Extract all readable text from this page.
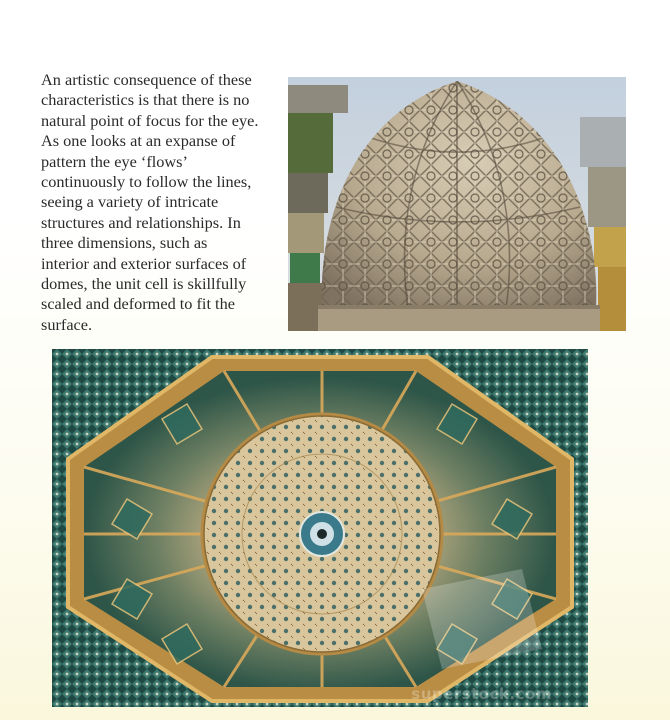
An artistic consequence of these
characteristics is that there is no
natural point of focus for the eye.
As one looks at an expanse of
pattern the eye ‘flows’
continuously to follow the lines,
seeing a variety of intricate
structures and relationships. In
three dimensions, such as
interior and exterior surfaces of
domes, the unit cell is skillfully
scaled and deformed to fit the
surface.

superstock.com
